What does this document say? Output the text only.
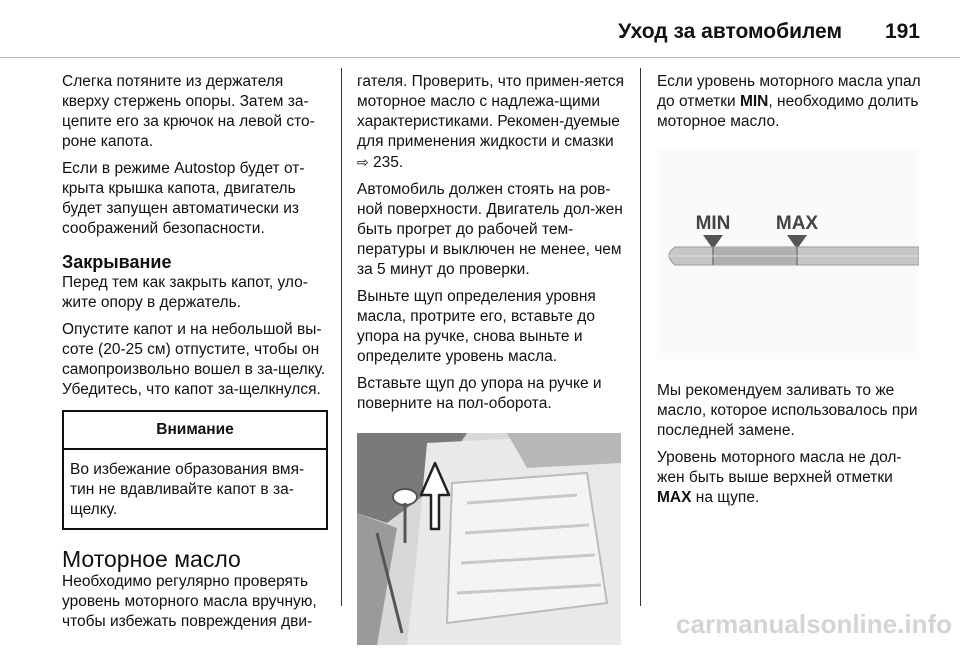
Уход за автомобилем 191

Слегка потяните из держателя кверху стержень опоры. Затем за-цепите его за крючок на левой сто-роне капота.

Если в режиме Autostop будет от-крыта крышка капота, двигатель будет запущен автоматически из соображений безопасности.

Закрывание

Перед тем как закрыть капот, уло-жите опору в держатель.

Опустите капот и на небольшой вы-соте (20-25 см) отпустите, чтобы он самопроизвольно вошел в за-щелку. Убедитесь, что капот за-щелкнулся.

Внимание
Во избежание образования вмя-тин не вдавливайте капот в за-щелку.
Моторное масло

Необходимо регулярно проверять уровень моторного масла вручную, чтобы избежать повреждения дви-

гателя. Проверить, что примен-яется моторное масло с надлежа-щими характеристиками. Рекомен-дуемые для применения жидкости и смазки ⇨ 235.

Автомобиль должен стоять на ров-ной поверхности. Двигатель дол-жен быть прогрет до рабочей тем-пературы и выключен не менее, чем за 5 минут до проверки.

Выньте щуп определения уровня масла, протрите его, вставьте до упора на ручке, снова выньте и определите уровень масла.

Вставьте щуп до упора на ручке и поверните на пол-оборота.

Если уровень моторного масла упал до отметки MIN, необходимо долить моторное масло.

MIN MAX

Мы рекомендуем заливать то же масло, которое использовалось при последней замене.

Уровень моторного масла не дол-жен быть выше верхней отметки MAX на щупе.

carmanualsonline.info
